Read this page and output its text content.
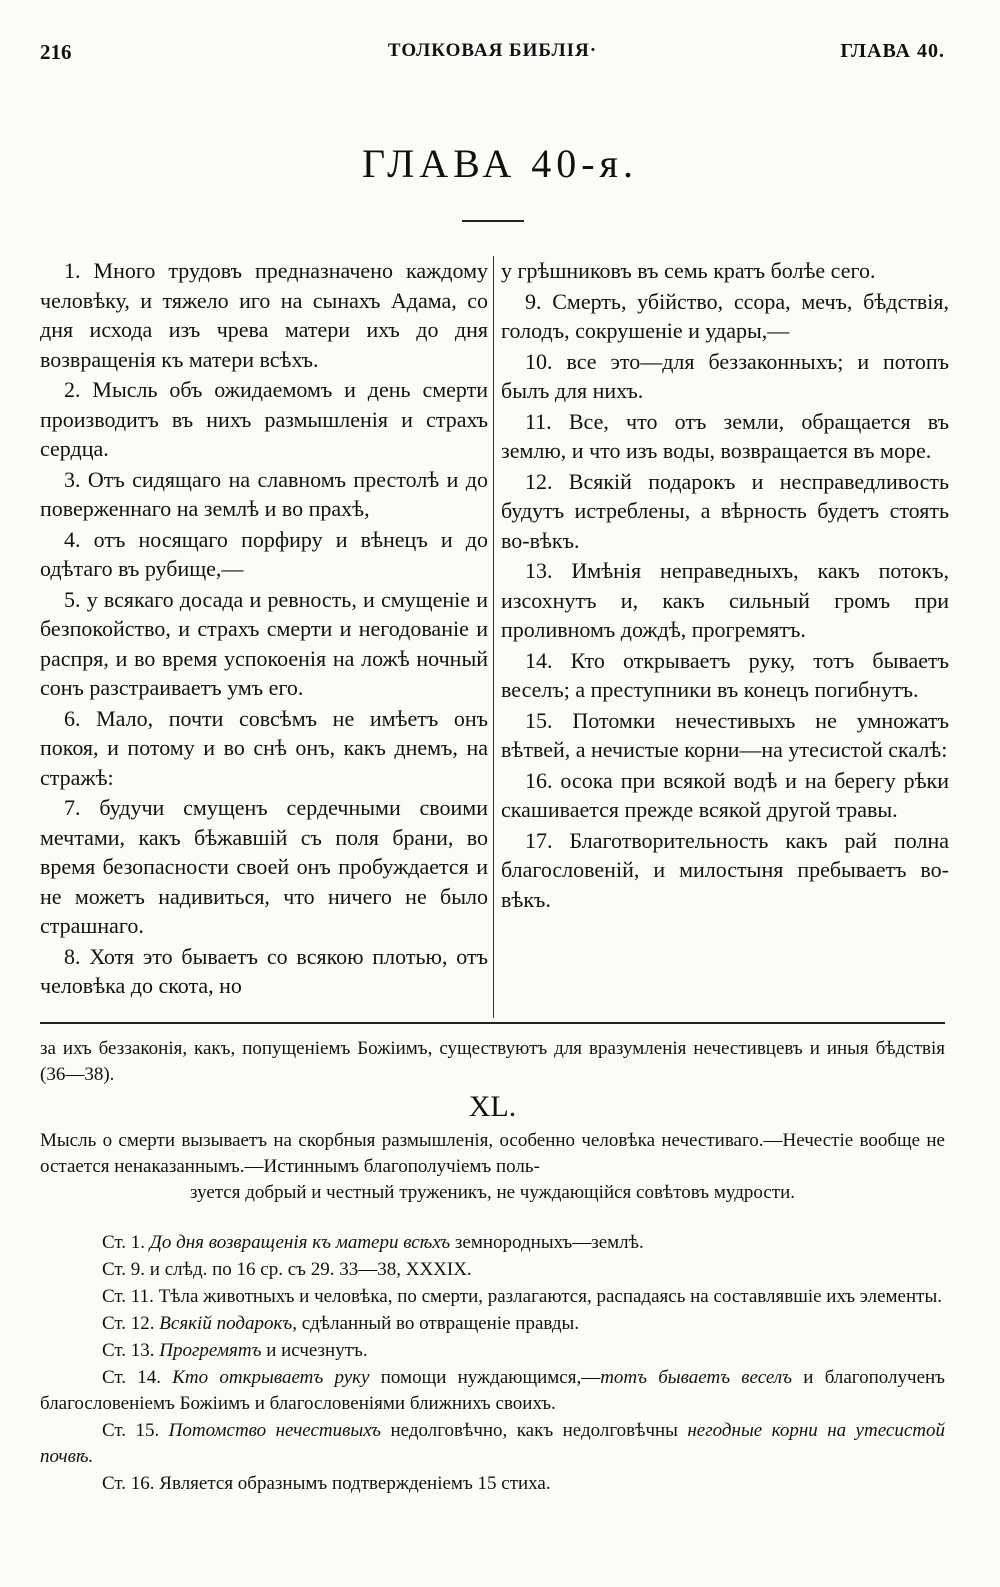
216	ТОЛКОВАЯ БИБЛІЯ·	ГЛАВА 40.
ГЛАВА 40-я.

1. Много трудовъ предназначено каждому человѣку, и тяжело иго на сынахъ Адама, со дня исхода изъ чрева матери ихъ до дня возвращенія къ матери всѣхъ.

2. Мысль объ ожидаемомъ и день смерти производитъ въ нихъ размышленія и страхъ сердца.

3. Отъ сидящаго на славномъ престолѣ и до поверженнаго на землѣ и во прахѣ,

4. отъ носящаго порфиру и вѣнецъ и до одѣтаго въ рубище,—

5. у всякаго досада и ревность, и смущеніе и безпокойство, и страхъ смерти и негодованіе и распря, и во время успокоенія на ложѣ ночный сонъ разстраиваетъ умъ его.

6. Мало, почти совсѣмъ не имѣетъ онъ покоя, и потому и во снѣ онъ, какъ днемъ, на стражѣ:

7. будучи смущенъ сердечными своими мечтами, какъ бѣжавшій съ поля брани, во время безопасности своей онъ пробуждается и не можетъ надивиться, что ничего не было страшнаго.

8. Хотя это бываетъ со всякою плотью, отъ человѣка до скота, но

у грѣшниковъ въ семь кратъ болѣе сего.

9. Смерть, убійство, ссора, мечъ, бѣдствія, голодъ, сокрушеніе и удары,—

10. все это—для беззаконныхъ; и потопъ былъ для нихъ.

11. Все, что отъ земли, обращается въ землю, и что изъ воды, возвращается въ море.

12. Всякій подарокъ и несправедливость будутъ истреблены, а вѣрность будетъ стоять во-вѣкъ.

13. Имѣнія неправедныхъ, какъ потокъ, изсохнутъ и, какъ сильный громъ при проливномъ дождѣ, прогремятъ.

14. Кто открываетъ руку, тотъ бываетъ веселъ; а преступники въ конецъ погибнутъ.

15. Потомки нечестивыхъ не умножатъ вѣтвей, а нечистые корни—на утесистой скалѣ:

16. осока при всякой водѣ и на берегу рѣки скашивается прежде всякой другой травы.

17. Благотворительность какъ рай полна благословеній, и милостыня пребываетъ во-вѣкъ.

за ихъ беззаконія, какъ, попущеніемъ Божіимъ, существуютъ для вразумленія нечестивцевъ и иныя бѣдствія (36—38).

XL.

Мысль о смерти вызываетъ на скорбныя размышленія, особенно человѣка нечестиваго.—Нечестіе вообще не остается ненаказаннымъ.—Истиннымъ благополучіемъ поль-

зуется добрый и честный труженикъ, не чуждающійся совѣтовъ мудрости.

Ст. 1. До дня возвращенія къ матери всѣхъ земнородныхъ—землѣ.

Ст. 9. и слѣд. по 16 ср. съ 29. 33—38, XXXIX.

Ст. 11. Тѣла животныхъ и человѣка, по смерти, разлагаются, распадаясь на составлявшіе ихъ элементы.

Ст. 12. Всякій подарокъ, сдѣланный во отвращеніе правды.

Ст. 13. Прогремятъ и исчезнутъ.

Ст. 14. Кто открываетъ руку помощи нуждающимся,—тотъ бываетъ веселъ и благополученъ благословеніемъ Божіимъ и благословеніями ближнихъ своихъ.

Ст. 15. Потомство нечестивыхъ недолговѣчно, какъ недолговѣчны негодные корни на утесистой почвѣ.

Ст. 16. Является образнымъ подтвержденіемъ 15 стиха.
